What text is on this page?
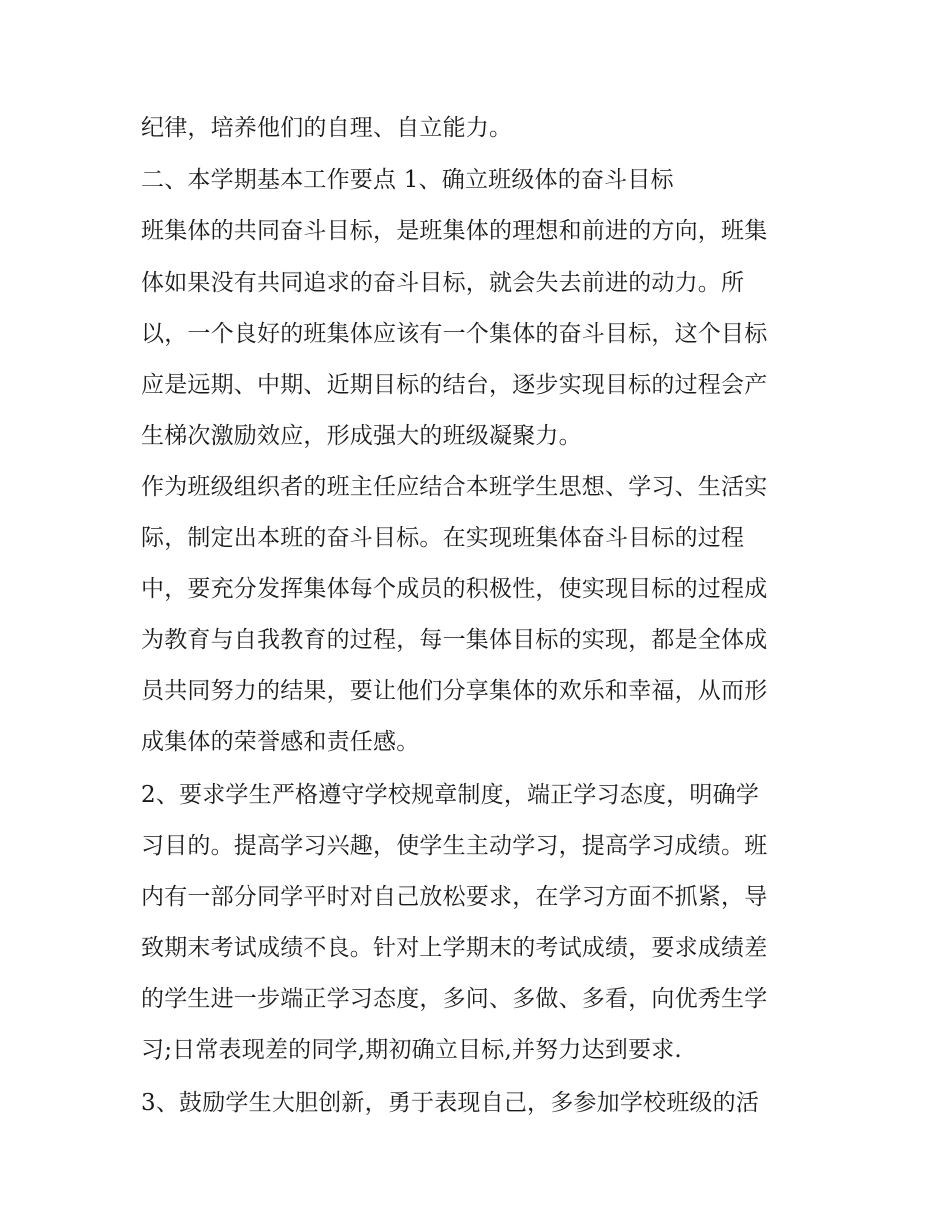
纪律，培养他们的自理、自立能力。
二、本学期基本工作要点 1、确立班级体的奋斗目标
班集体的共同奋斗目标，是班集体的理想和前进的方向，班集
体如果没有共同追求的奋斗目标，就会失去前进的动力。所
以，一个良好的班集体应该有一个集体的奋斗目标，这个目标
应是远期、中期、近期目标的结台，逐步实现目标的过程会产
生梯次激励效应，形成强大的班级凝聚力。
作为班级组织者的班主任应结合本班学生思想、学习、生活实
际，制定出本班的奋斗目标。在实现班集体奋斗目标的过程
中，要充分发挥集体每个成员的积极性，使实现目标的过程成
为教育与自我教育的过程，每一集体目标的实现，都是全体成
员共同努力的结果，要让他们分享集体的欢乐和幸福，从而形
成集体的荣誉感和责任感。
2、要求学生严格遵守学校规章制度，端正学习态度，明确学
习目的。提高学习兴趣，使学生主动学习，提高学习成绩。班
内有一部分同学平时对自己放松要求，在学习方面不抓紧，导
致期末考试成绩不良。针对上学期末的考试成绩，要求成绩差
的学生进一步端正学习态度，多问、多做、多看，向优秀生学
习;日常表现差的同学,期初确立目标,并努力达到要求.
3、鼓励学生大胆创新，勇于表现自己，多参加学校班级的活
